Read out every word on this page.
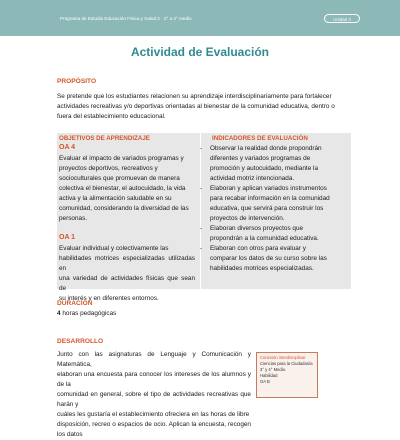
Programa de Estudio Educación Física y Salud 2 · 3° a 4° medio	Unidad 3
Actividad de Evaluación
PROPÓSITO
Se pretende que los estudiantes relacionen su aprendizaje interdisciplinariamente para fortalecer
actividades recreativas y/o deportivas orientadas al bienestar de la comunidad educativa, dentro o
fuera del establecimiento educacional.
OBJETIVOS DE APRENDIZAJE	INDICADORES DE EVALUACIÓN
OA 4
Evaluar el impacto de variados programas y
proyectos deportivos, recreativos y
socioculturales que promuevan de manera
colectiva el bienestar, el autocuidado, la vida
activa y la alimentación saludable en su
comunidad, considerando la diversidad de las
personas.
OA 1
Evaluar individual y colectivamente las
habilidades motrices especializadas utilizadas en
una variedad de actividades físicas que sean de
su interés y en diferentes entornos.
- Observar la realidad donde propondrán
diferentes y variados programas de
promoción y autocuidado, mediante la
actividad motriz intencionada.
- Elaboran y aplican variados instrumentos
para recabar información en la comunidad
educativa, que servirá para construir los
proyectos de intervención.
- Elaboran diversos proyectos que
propondrán a la comunidad educativa.
- Elaboran con otros para evaluar y
comparar los datos de su curso sobre las
habilidades motrices especializadas.
DURACIÓN
4 horas pedagógicas
DESARROLLO
Junto con las asignaturas de Lenguaje y Comunicación y Matemática,
elaboran una encuesta para conocer los intereses de los alumnos y de la
comunidad en general, sobre el tipo de actividades recreativas que harán y
cuáles les gustaría el establecimiento ofreciera en las horas de libre
disposición, recreo o espacios de ocio. Aplican la encuesta, recogen los datos
Conexión interdisciplinar
Ciencias para la Ciudadanía
3° y 4° Medio.
Habilidad
OA B
